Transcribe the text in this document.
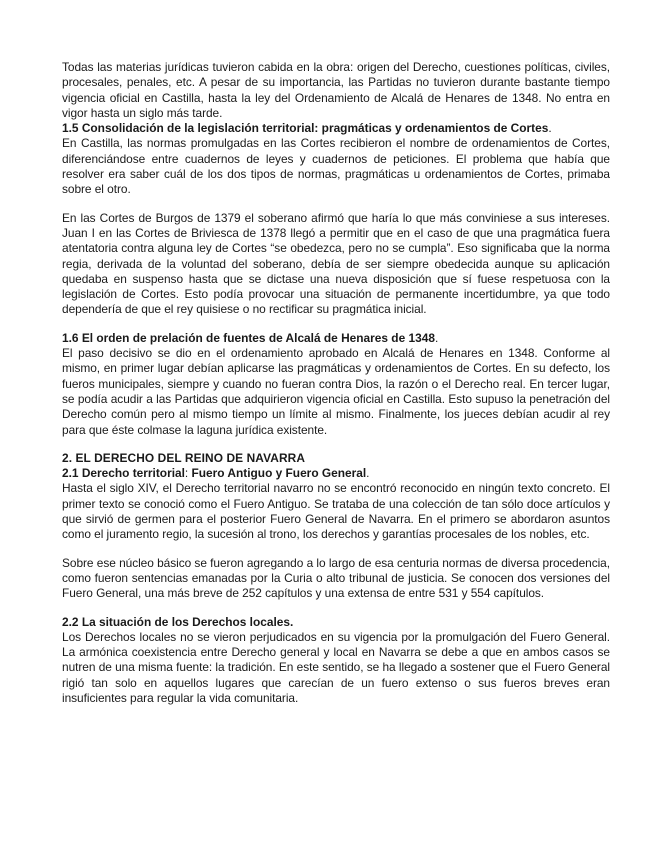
Todas las materias jurídicas tuvieron cabida en la obra: origen del Derecho, cuestiones políticas, civiles, procesales, penales, etc. A pesar de su importancia, las Partidas no tuvieron durante bastante tiempo vigencia oficial en Castilla, hasta la ley del Ordenamiento de Alcalá de Henares de 1348. No entra en vigor hasta un siglo más tarde.

1.5 Consolidación de la legislación territorial: pragmáticas y ordenamientos de Cortes.

En Castilla, las normas promulgadas en las Cortes recibieron el nombre de ordenamientos de Cortes, diferenciándose entre cuadernos de leyes y cuadernos de peticiones. El problema que había que resolver era saber cuál de los dos tipos de normas, pragmáticas u ordenamientos de Cortes, primaba sobre el otro.

En las Cortes de Burgos de 1379 el soberano afirmó que haría lo que más conviniese a sus intereses. Juan I en las Cortes de Briviesca de 1378 llegó a permitir que en el caso de que una pragmática fuera atentatoria contra alguna ley de Cortes “se obedezca, pero no se cumpla”. Eso significaba que la norma regia, derivada de la voluntad del soberano, debía de ser siempre obedecida aunque su aplicación quedaba en suspenso hasta que se dictase una nueva disposición que sí fuese respetuosa con la legislación de Cortes. Esto podía provocar una situación de permanente incertidumbre, ya que todo dependería de que el rey quisiese o no rectificar su pragmática inicial.

1.6 El orden de prelación de fuentes de Alcalá de Henares de 1348.

El paso decisivo se dio en el ordenamiento aprobado en Alcalá de Henares en 1348. Conforme al mismo, en primer lugar debían aplicarse las pragmáticas y ordenamientos de Cortes. En su defecto, los fueros municipales, siempre y cuando no fueran contra Dios, la razón o el Derecho real. En tercer lugar, se podía acudir a las Partidas que adquirieron vigencia oficial en Castilla. Esto supuso la penetración del Derecho común pero al mismo tiempo un límite al mismo. Finalmente, los jueces debían acudir al rey para que éste colmase la laguna jurídica existente.

2. EL DERECHO DEL REINO DE NAVARRA

2.1 Derecho territorial: Fuero Antiguo y Fuero General.

Hasta el siglo XIV, el Derecho territorial navarro no se encontró reconocido en ningún texto concreto. El primer texto se conoció como el Fuero Antiguo. Se trataba de una colección de tan sólo doce artículos y que sirvió de germen para el posterior Fuero General de Navarra. En el primero se abordaron asuntos como el juramento regio, la sucesión al trono, los derechos y garantías procesales de los nobles, etc.

Sobre ese núcleo básico se fueron agregando a lo largo de esa centuria normas de diversa procedencia, como fueron sentencias emanadas por la Curia o alto tribunal de justicia. Se conocen dos versiones del Fuero General, una más breve de 252 capítulos y una extensa de entre 531 y 554 capítulos.

2.2 La situación de los Derechos locales.

Los Derechos locales no se vieron perjudicados en su vigencia por la promulgación del Fuero General. La armónica coexistencia entre Derecho general y local en Navarra se debe a que en ambos casos se nutren de una misma fuente: la tradición. En este sentido, se ha llegado a sostener que el Fuero General rigió tan solo en aquellos lugares que carecían de un fuero extenso o sus fueros breves eran insuficientes para regular la vida comunitaria.
